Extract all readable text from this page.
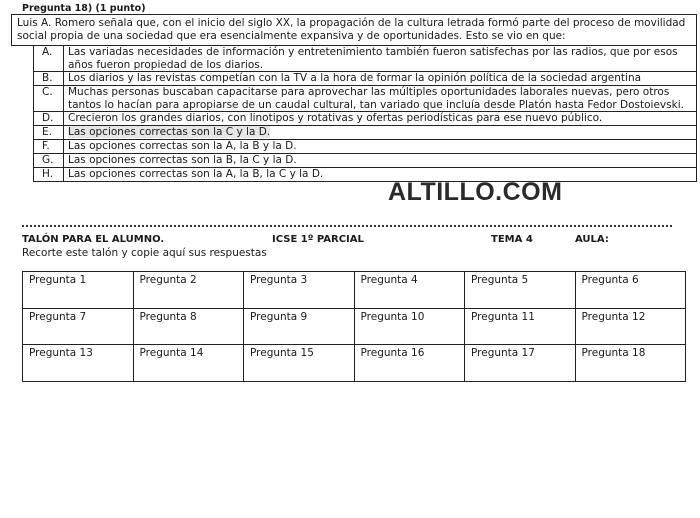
Pregunta 18) (1 punto)
Luis A. Romero señala que, con el inicio del siglo XX, la propagación de la cultura letrada formó parte del proceso de movilidad social propia de una sociedad que era esencialmente expansiva y de oportunidades. Esto se vio en que:		
	A.	Las variadas necesidades de información y entretenimiento también fueron satisfechas por las radios, que por esos años fueron propiedad de los diarios.
	B.	Los diarios y las revistas competían con la TV a la hora de formar la opinión política de la sociedad argentina
	C.	Muchas personas buscaban capacitarse para aprovechar las múltiples oportunidades laborales nuevas, pero otros tantos lo hacían para apropiarse de un caudal cultural, tan variado que incluía desde Platón hasta Fedor Dostoievski.
	D.	Crecieron los grandes diarios, con linotipos y rotativas y ofertas periodísticas para ese nuevo público.
	E.	Las opciones correctas son la C y la D.
	F.	Las opciones correctas son la A, la B y la D.
	G.	Las opciones correctas son la B, la C y la D.
	H.	Las opciones correctas son la A, la B, la C y la D.
ALTILLO.COM
TALÓN PARA EL ALUMNO.	ICSE 1º PARCIAL	TEMA 4	AULA:
Recorte este talón y copie aquí sus respuestas
Pregunta 1	Pregunta 2	Pregunta 3	Pregunta 4	Pregunta 5	Pregunta 6
Pregunta 7	Pregunta 8	Pregunta 9	Pregunta 10	Pregunta 11	Pregunta 12
Pregunta 13	Pregunta 14	Pregunta 15	Pregunta 16	Pregunta 17	Pregunta 18
